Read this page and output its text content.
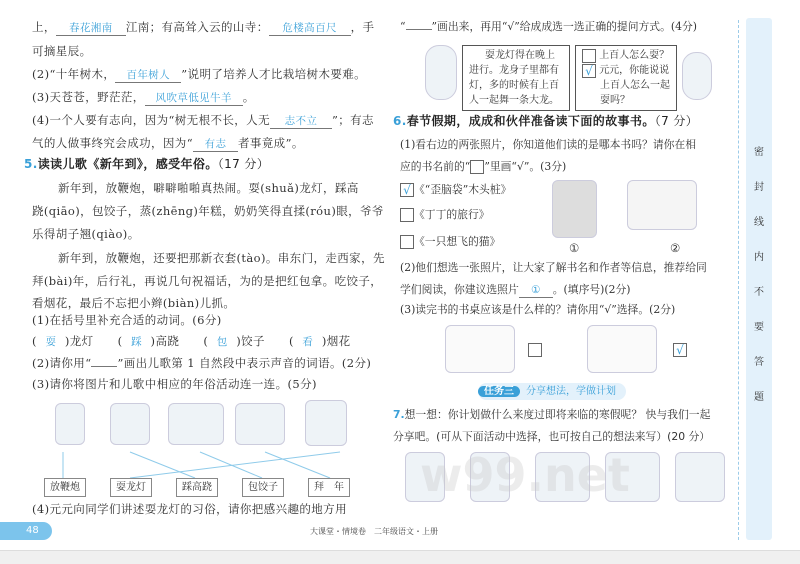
上， 春花湘南 江南；有高耸入云的山寺： 危楼高百尺 ，手
可摘星辰。
(2)“十年树木， 百年树人 ”说明了培养人才比栽培树木要难。
(3)天苍苍，野茫茫， 风吹草低见牛羊 。
(4)一个人要有志向，因为“树无根不长，人无 志不立 ”；有志
气的人做事终究会成功，因为“ 有志 者事竟成”。
5.读读儿歌《新年到》，感受年俗。（17 分）
新年到，放鞭炮，噼噼啪啪真热闹。耍(shuǎ)龙灯，踩高
跷(qiāo)，包饺子，蒸(zhēng)年糕，奶奶笑得直揉(róu)眼，爷爷
乐得胡子翘(qiào)。
新年到，放鞭炮，还要把那新衣套(tào)。串东门，走西家，先
拜(bài)年，后行礼，再说几句祝福话，为的是把红包拿。吃饺子，
看烟花，最后不忘把小辫(biàn)儿抓。
(1)在括号里补充合适的动词。(6分)
( 耍 )龙灯 ( 踩 )高跷 ( 包 )饺子 ( 看 )烟花
(2)请你用“ ”画出儿歌第 1 自然段中表示声音的词语。(2分)
(3)请你将图片和儿歌中相应的年俗活动连一连。(5分)
放鞭炮	耍龙灯	踩高跷	包饺子	拜　年
(4)元元向同学们讲述耍龙灯的习俗，请你把感兴趣的地方用
“ ”画出来，再用“√”给成成选一选正确的提问方式。(4分)
耍龙灯得在晚上
进行。龙身子里都有
灯，多的时候有上百
人一起舞一条大龙。
上百人怎么耍？
√ 元元，你能说说
上百人怎么一起
耍吗？
6.春节假期，成成和伙伴准备读下面的故事书。（7 分）
(1)看右边的两张照片，你知道他们读的是哪本书吗？请你在相
应的书名前的“ ”里画“√”。(3分)
√ 《“歪脑袋”木头桩》
《丁丁的旅行》
《一只想飞的猫》	①	②
(2)他们想选一张照片，让大家了解书名和作者等信息，推荐给同
学们阅读，你建议选照片 ① 。(填序号)(2分)
(3)读完书的书桌应该是什么样的？请你用“√”选择。(2分)
√
任务三 分享想法，学做计划
7.想一想：你计划做什么来度过即将来临的寒假呢？ 快与我们一起
分享吧。(可从下面活动中选择，也可按自己的想法来写）(20 分）
w99.net
密
封
线
内
不
要
答
题
48	大课堂・情境卷　二年级语文・上册
